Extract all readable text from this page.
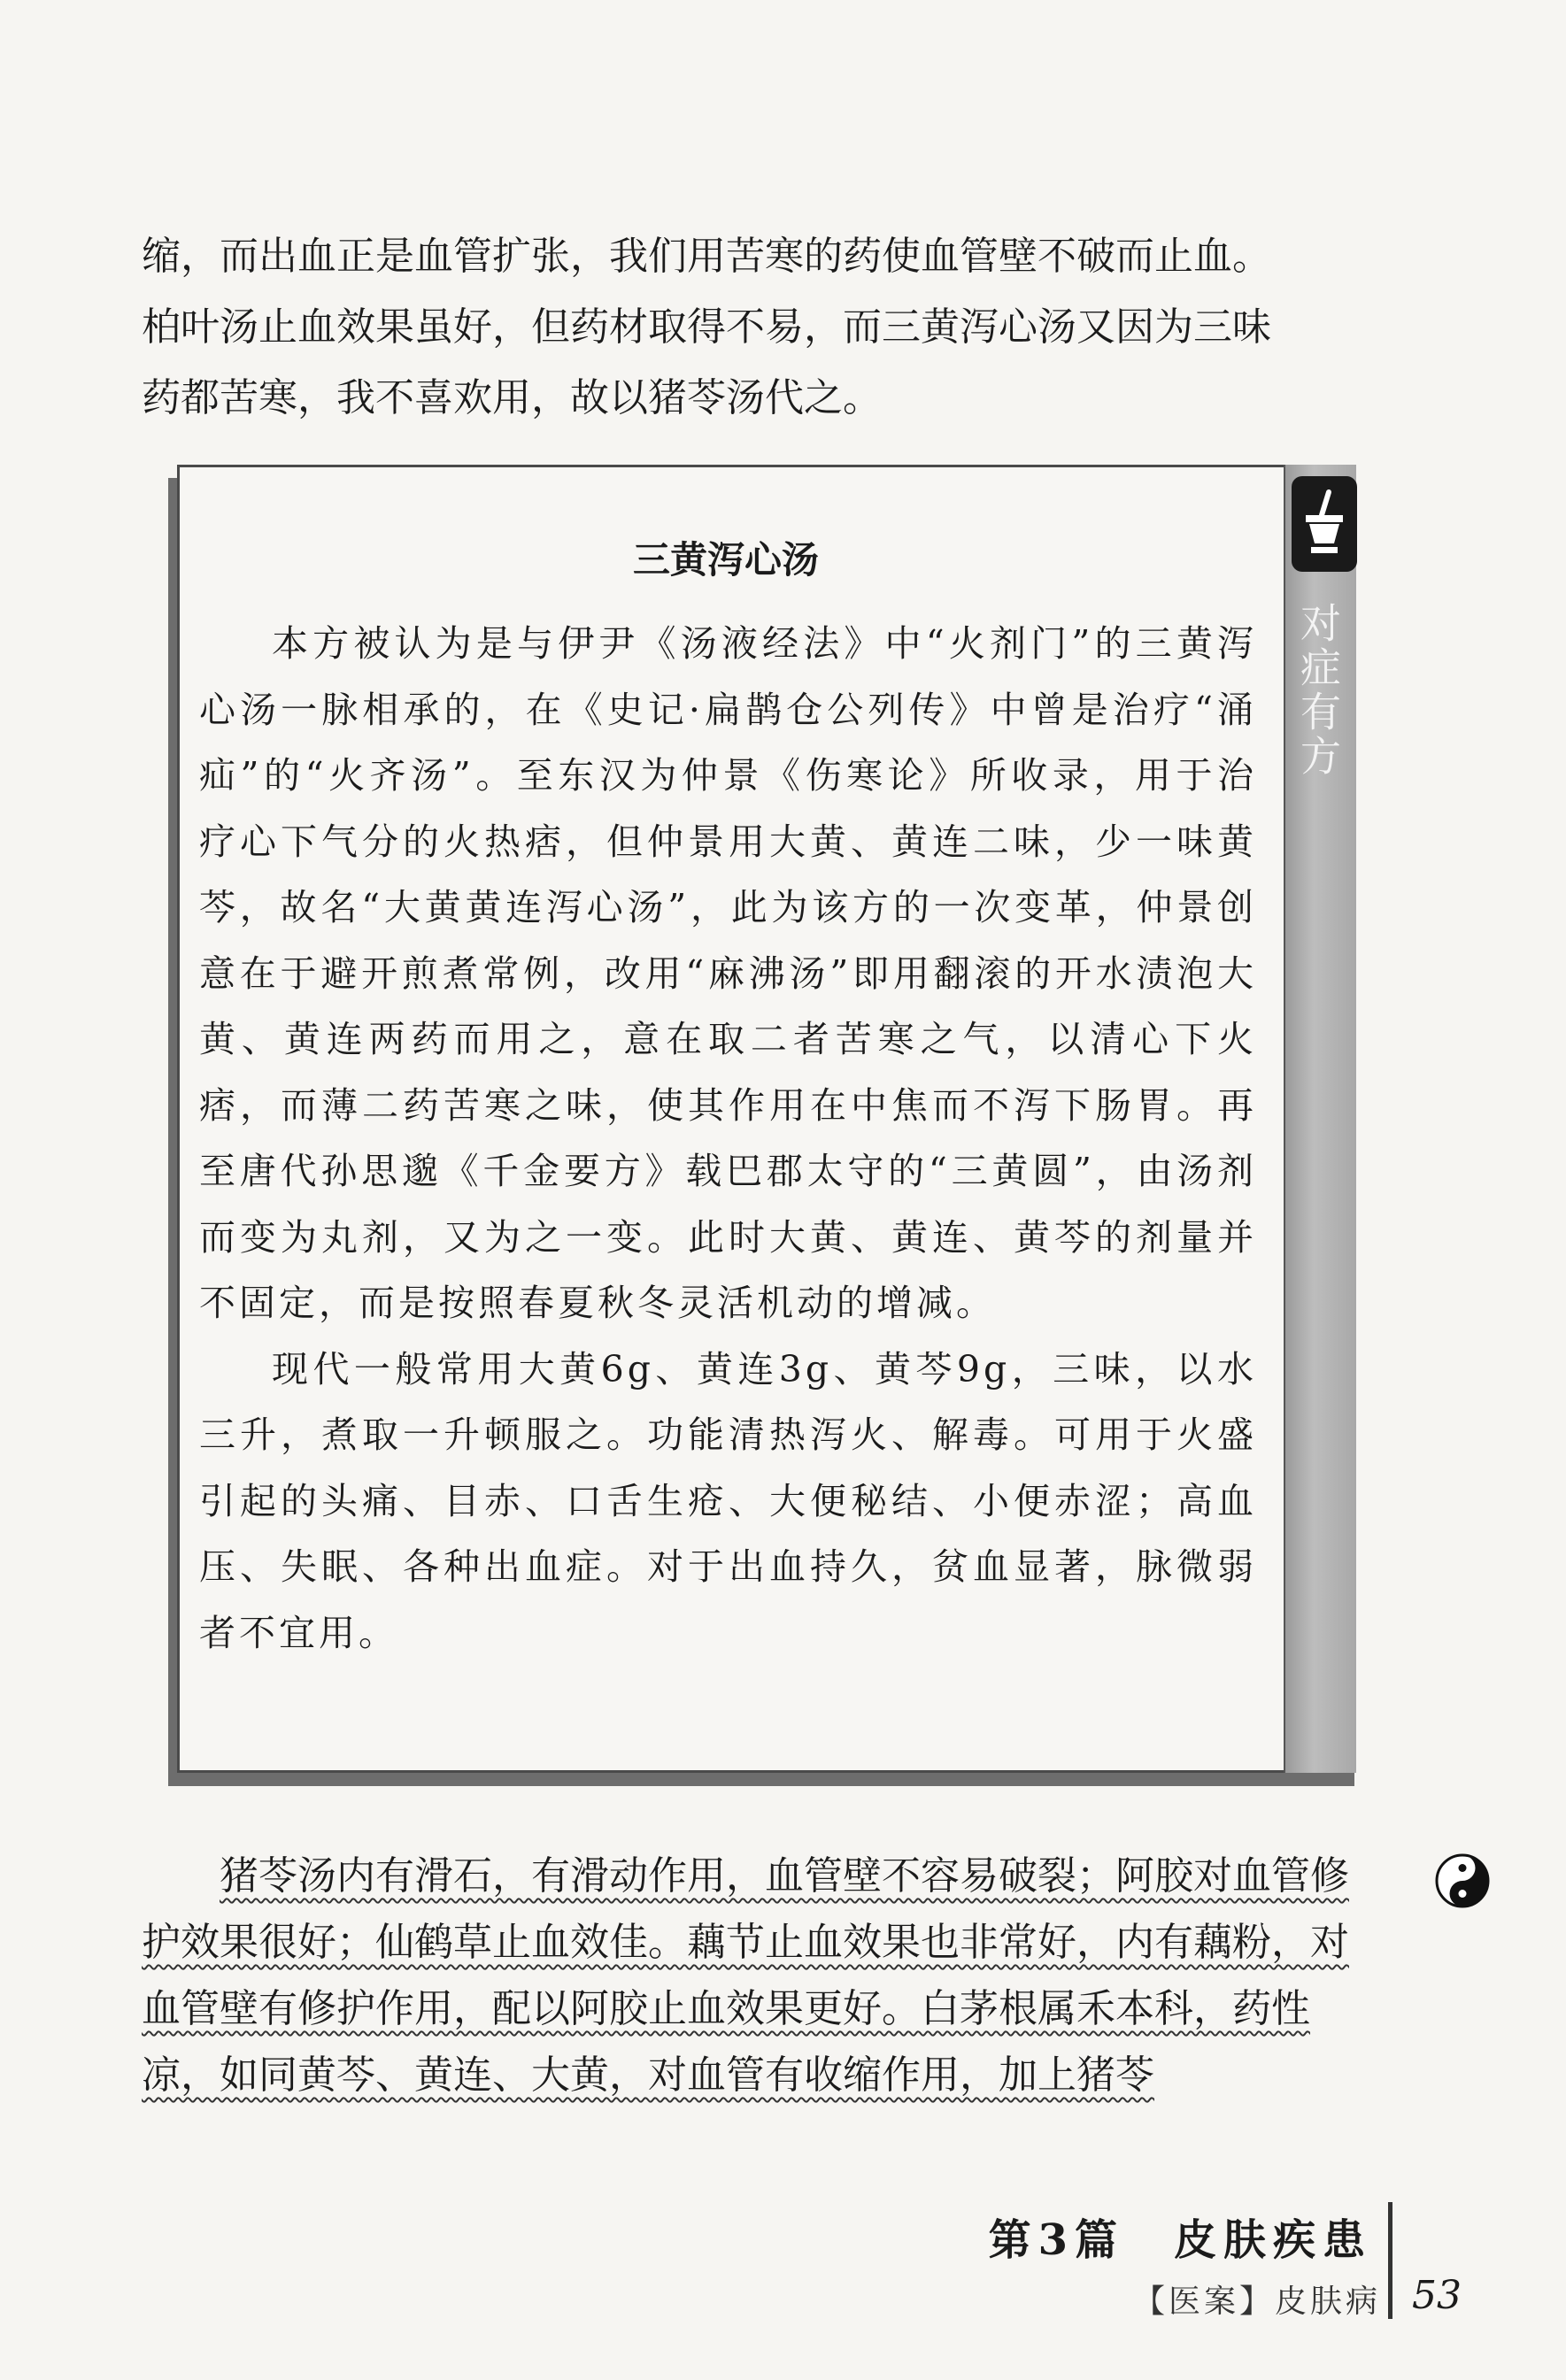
缩，而出血正是血管扩张，我们用苦寒的药使血管壁不破而止血。

柏叶汤止血效果虽好，但药材取得不易，而三黄泻心汤又因为三味

药都苦寒，我不喜欢用，故以猪苓汤代之。

对症有方
三黄泻心汤

本方被认为是与伊尹《汤液经法》中“火剂门”的三黄泻心汤一脉相承的，在《史记·扁鹊仓公列传》中曾是治疗“涌疝”的“火齐汤”。至东汉为仲景《伤寒论》所收录，用于治疗心下气分的火热痞，但仲景用大黄、黄连二味，少一味黄芩，故名“大黄黄连泻心汤”，此为该方的一次变革，仲景创意在于避开煎煮常例，改用“麻沸汤”即用翻滚的开水渍泡大黄、黄连两药而用之，意在取二者苦寒之气，以清心下火痞，而薄二药苦寒之味，使其作用在中焦而不泻下肠胃。再至唐代孙思邈《千金要方》载巴郡太守的“三黄圆”，由汤剂而变为丸剂，又为之一变。此时大黄、黄连、黄芩的剂量并不固定，而是按照春夏秋冬灵活机动的增减。

现代一般常用大黄6g、黄连3g、黄芩9g，三味，以水三升，煮取一升顿服之。功能清热泻火、解毒。可用于火盛引起的头痛、目赤、口舌生疮、大便秘结、小便赤涩；高血压、失眠、各种出血症。对于出血持久，贫血显著，脉微弱者不宜用。

猪苓汤内有滑石，有滑动作用，血管壁不容易破裂；阿胶对血管修护效果很好；仙鹤草止血效佳。藕节止血效果也非常好，内有藕粉，对血管壁有修护作用，配以阿胶止血效果更好。白茅根属禾本科，药性凉，如同黄芩、黄连、大黄，对血管有收缩作用，加上猪苓

第3篇　皮肤疾患
【医案】皮肤病 53
